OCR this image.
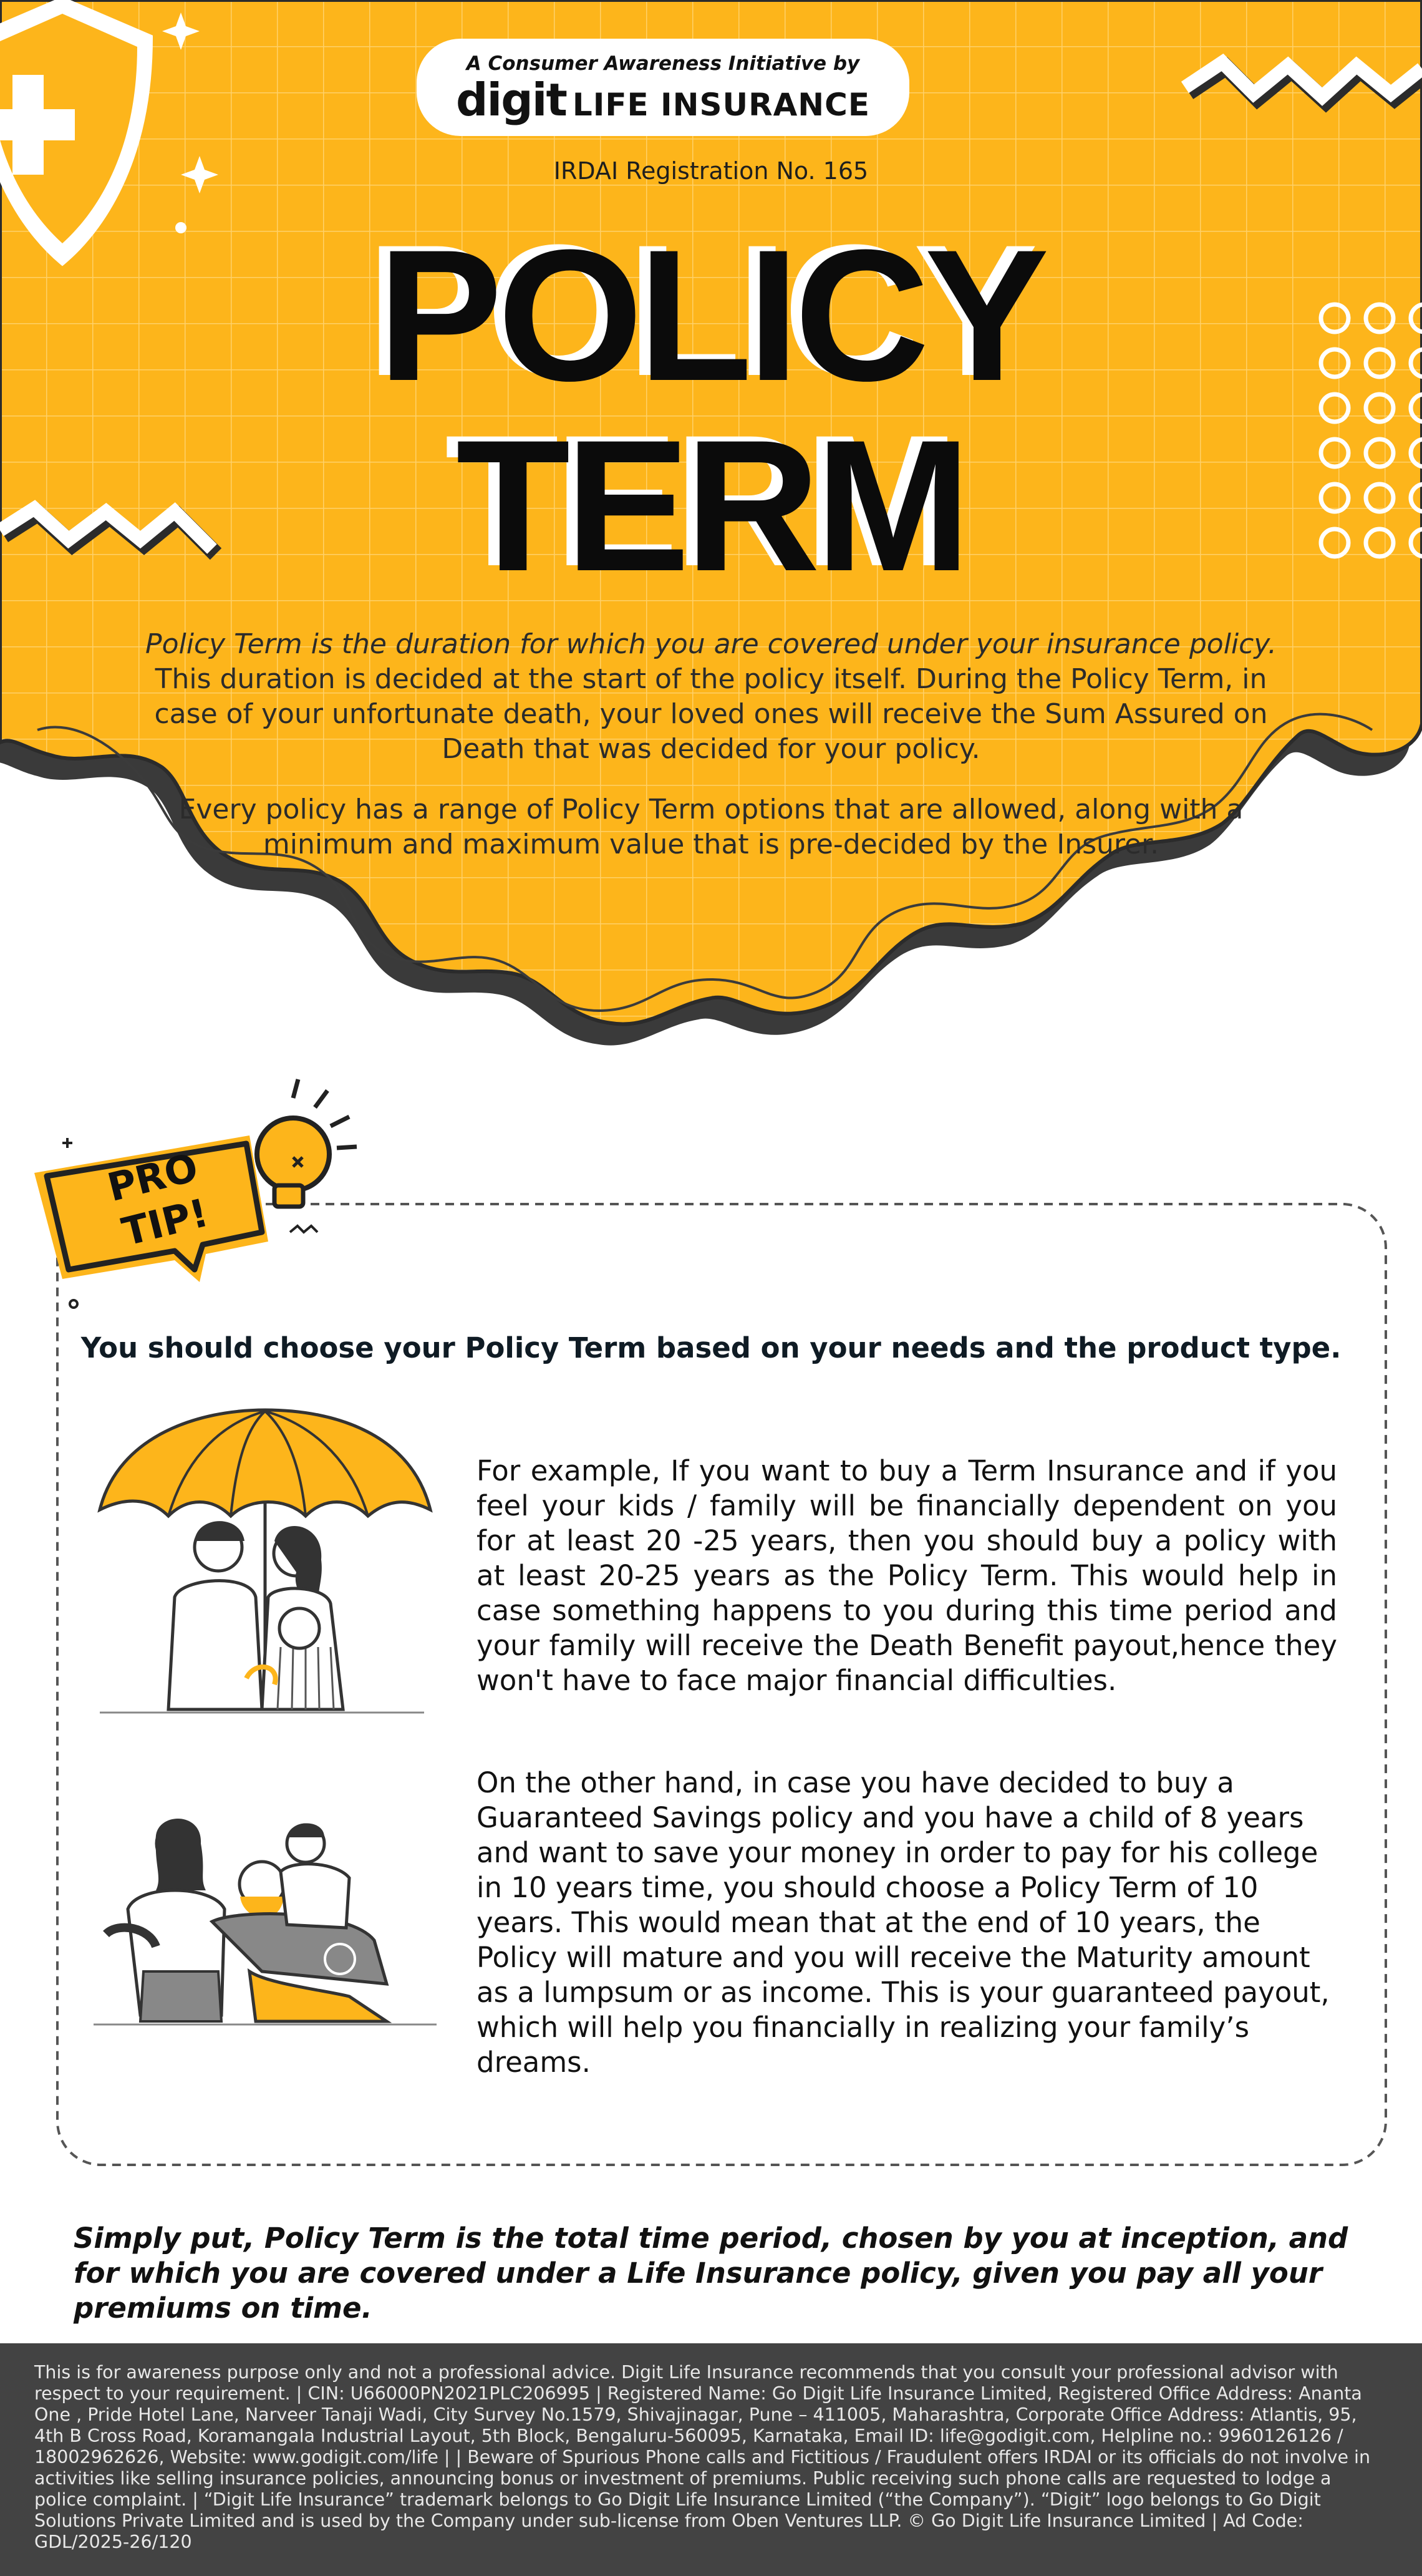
A Consumer Awareness Initiative by
digit LIFE INSURANCE
IRDAI Registration No. 165
POLICY
TERM
Policy Term is the duration for which you are covered under your insurance policy. This duration is decided at the start of the policy itself. During the Policy Term, in case of your unfortunate death, your loved ones will receive the Sum Assured on Death that was decided for your policy.
Every policy has a range of Policy Term options that are allowed, along with a minimum and maximum value that is pre-decided by the Insurer.
PRO
TIP!
You should choose your Policy Term based on your needs and the product type.
For example, If you want to buy a Term Insurance and if you feel your kids / family will be financially dependent on you for at least 20 -25 years, then you should buy a policy with at least 20-25 years as the Policy Term. This would help in case something happens to you during this time period and your family will receive the Death Benefit payout,hence they won't have to face major financial difficulties.
On the other hand, in case you have decided to buy a Guaranteed Savings policy and you have a child of 8 years and want to save your money in order to pay for his college in 10 years time, you should choose a Policy Term of 10 years. This would mean that at the end of 10 years, the Policy will mature and you will receive the Maturity amount as a lumpsum or as income. This is your guaranteed payout, which will help you financially in realizing your family’s dreams.
Simply put, Policy Term is the total time period, chosen by you at inception, and for which you are covered under a Life Insurance policy, given you pay all your premiums on time.
This is for awareness purpose only and not a professional advice. Digit Life Insurance recommends that you consult your professional advisor with respect to your requirement. | CIN: U66000PN2021PLC206995 | Registered Name: Go Digit Life Insurance Limited, Registered Office Address: Ananta One , Pride Hotel Lane, Narveer Tanaji Wadi, City Survey No.1579, Shivajinagar, Pune – 411005, Maharashtra, Corporate Office Address: Atlantis, 95, 4th B Cross Road, Koramangala Industrial Layout, 5th Block, Bengaluru-560095, Karnataka, Email ID: life@godigit.com, Helpline no.: 9960126126 / 18002962626, Website: www.godigit.com/life | | Beware of Spurious Phone calls and Fictitious / Fraudulent offers IRDAI or its officials do not involve in activities like selling insurance policies, announcing bonus or investment of premiums. Public receiving such phone calls are requested to lodge a police complaint. | “Digit Life Insurance” trademark belongs to Go Digit Life Insurance Limited (“the Company”). “Digit” logo belongs to Go Digit Solutions Private Limited and is used by the Company under sub-license from Oben Ventures LLP. © Go Digit Life Insurance Limited | Ad Code: GDL/2025-26/120
